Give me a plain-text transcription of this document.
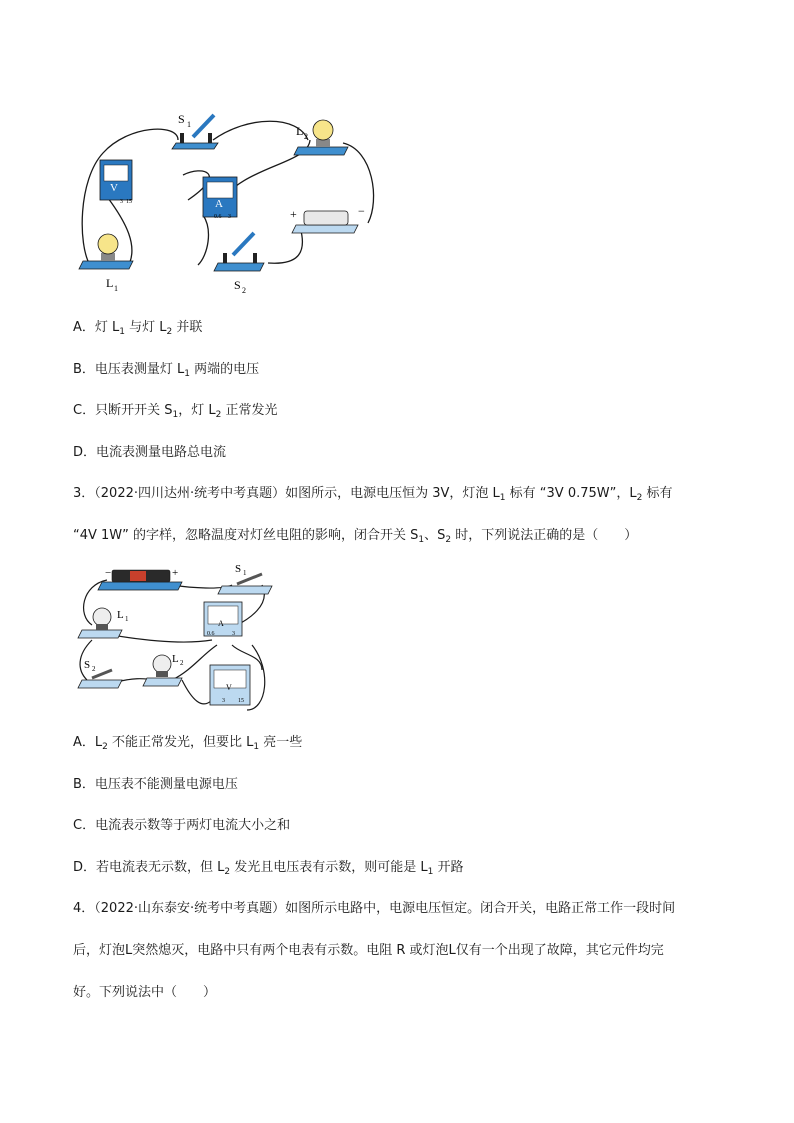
S 1	L 2
V
3 15	A
0.6 3	+	−
L 1	S 2
A．灯 $L_1$ 与灯 $L_2$ 并联
B．电压表测量灯 $L_1$ 两端的电压
C．只断开开关 $S_1$，灯 $L_2$ 正常发光
D．电流表测量电路总电流
3．（2022·四川达州·统考中考真题）如图所示，电源电压恒为 3V，灯泡 $L_1$ 标有 “3V 0.75W”，$L_2$ 标有
“4V 1W” 的字样，忽略温度对灯丝电阻的影响，闭合开关 $S_1$、$S_2$ 时，下列说法正确的是（　　）
−	+	S 1
L 1	A
0.6	3
S 2
L 2
V
3 15
A．$L_2$ 不能正常发光，但要比 $L_1$ 亮一些
B．电压表不能测量电源电压
C．电流表示数等于两灯电流大小之和
D．若电流表无示数，但 $L_2$ 发光且电压表有示数，则可能是 $L_1$ 开路
4．（2022·山东泰安·统考中考真题）如图所示电路中，电源电压恒定。闭合开关，电路正常工作一段时间
后，灯泡L突然熄灭，电路中只有两个电表有示数。电阻 R 或灯泡L仅有一个出现了故障，其它元件均完
好。下列说法中（　　）
